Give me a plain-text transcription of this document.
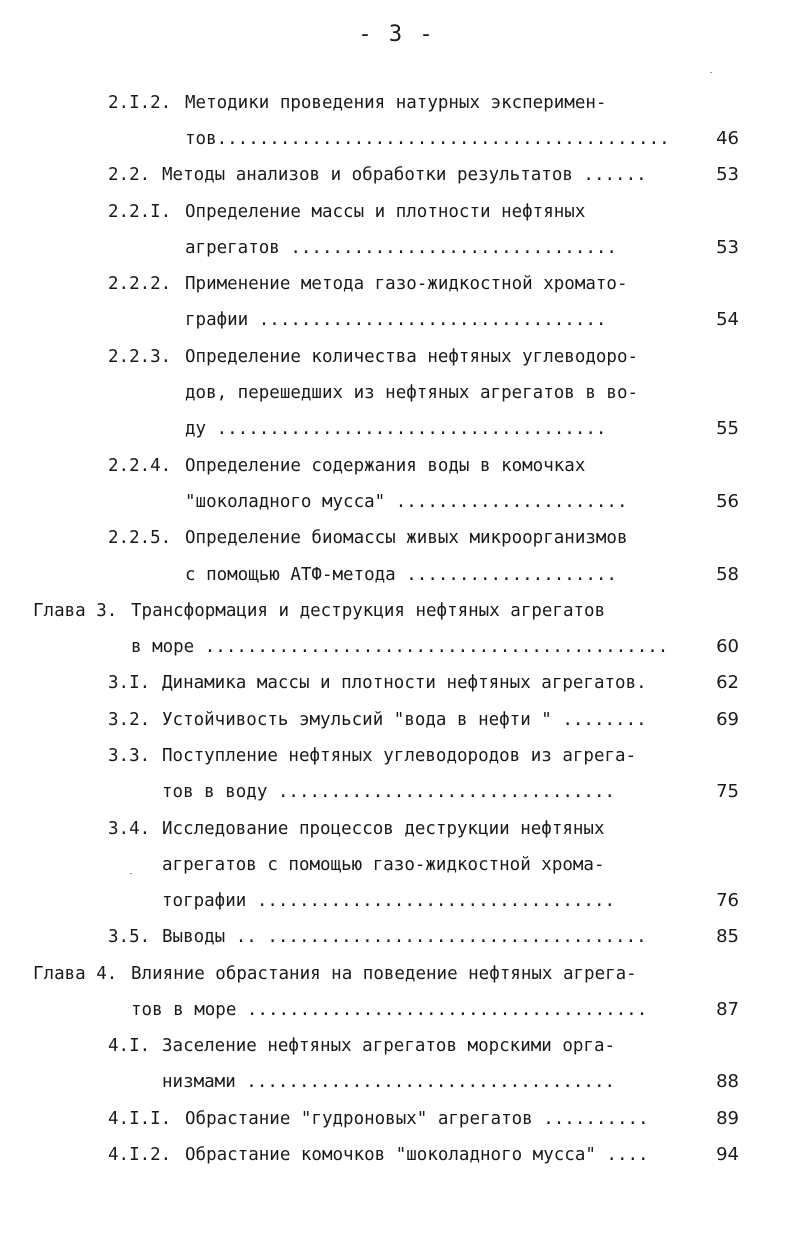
- 3 -
2.I.2. Методики проведения натурных эксперимен-
тов...........................................	46
2.2. Методы анализов и обработки результатов ......	53
2.2.I. Определение массы и плотности нефтяных
агрегатов ...............................	53
2.2.2. Применение метода газо-жидкостной хромато-
графии .................................	54
2.2.3. Определение количества нефтяных углеводоро-
дов, перешедших из нефтяных агрегатов в во-
ду .....................................	55
2.2.4. Определение содержания воды в комочках
"шоколадного мусса" ......................	56
2.2.5. Определение биомассы живых микроорганизмов
с помощью АТФ-метода ....................	58
Глава 3. Трансформация и деструкция нефтяных агрегатов
в море ............................................	60
3.I. Динамика массы и плотности нефтяных агрегатов.	62
3.2. Устойчивость эмульсий "вода в нефти " ........	69
3.3. Поступление нефтяных углеводородов из агрега-
тов в воду ................................	75
3.4. Исследование процессов деструкции нефтяных
агрегатов с помощью газо-жидкостной хрома-
тографии ..................................	76
3.5. Выводы .. ....................................	85
Глава 4. Влияние обрастания на поведение нефтяных агрега-
тов в море ......................................	87
4.I. Заселение нефтяных агрегатов морскими орга-
низмами ...................................	88
4.I.I. Обрастание "гудроновых" агрегатов ..........	89
4.I.2. Обрастание комочков "шоколадного мусса" ....	94
